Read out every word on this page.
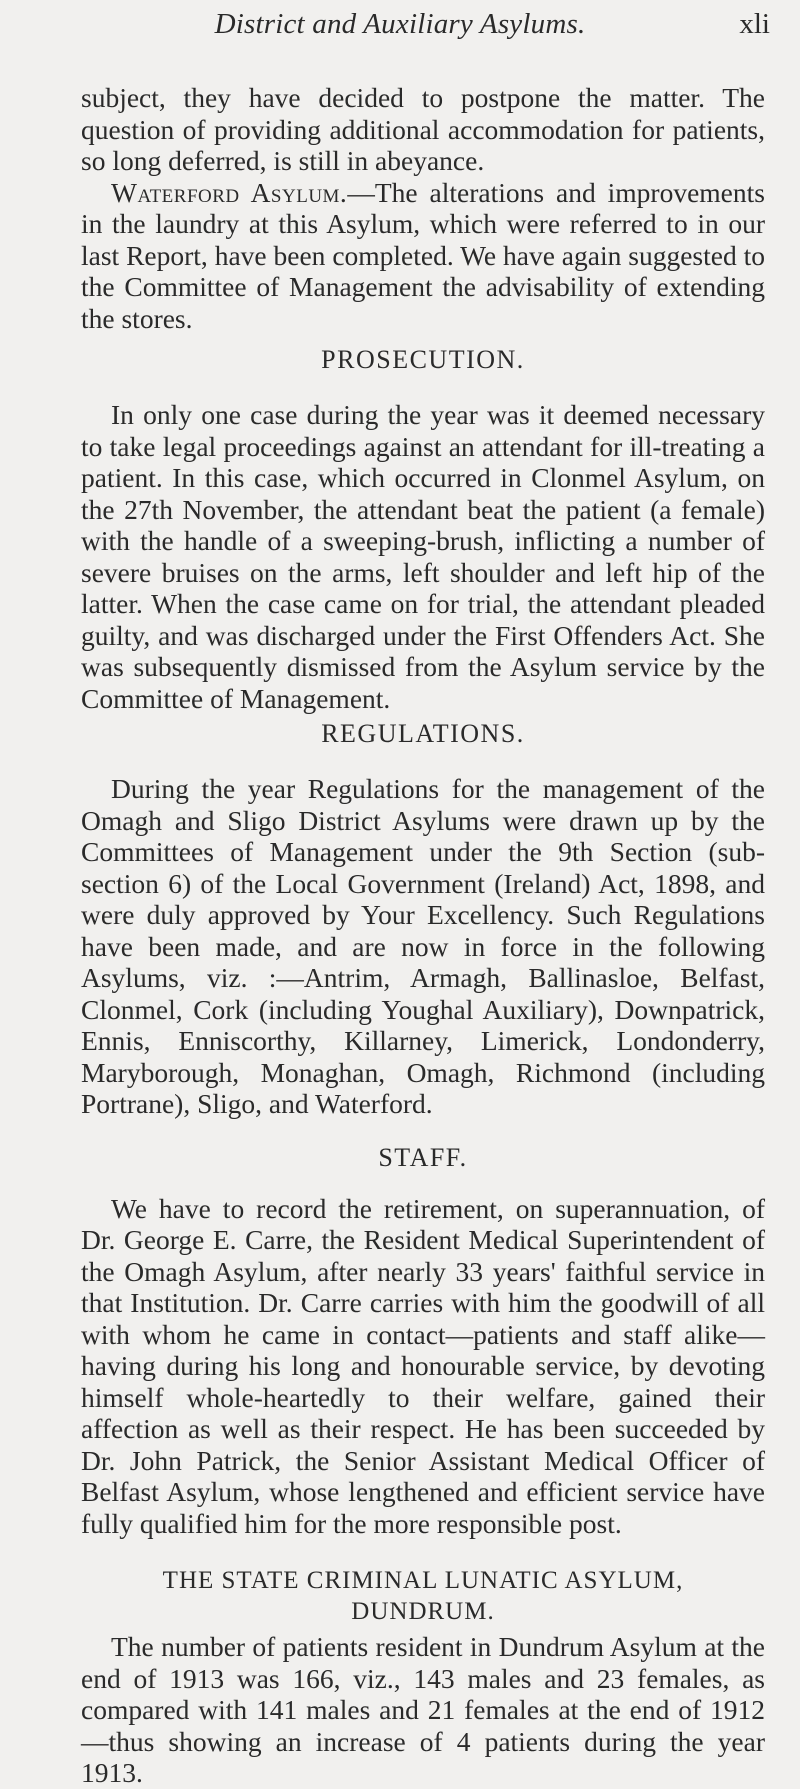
District and Auxiliary Asylums.	xli

subject, they have decided to postpone the matter. The question of providing additional accommodation for patients, so long deferred, is still in abeyance.

Waterford Asylum.—The alterations and improvements in the laundry at this Asylum, which were referred to in our last Report, have been completed. We have again suggested to the Committee of Management the advisability of extending the stores.

PROSECUTION.

In only one case during the year was it deemed necessary to take legal proceedings against an attendant for ill-treating a patient. In this case, which occurred in Clonmel Asylum, on the 27th November, the attendant beat the patient (a female) with the handle of a sweeping-brush, inflicting a number of severe bruises on the arms, left shoulder and left hip of the latter. When the case came on for trial, the attendant pleaded guilty, and was discharged under the First Offenders Act. She was subsequently dismissed from the Asylum service by the Committee of Management.

REGULATIONS.

During the year Regulations for the management of the Omagh and Sligo District Asylums were drawn up by the Committees of Management under the 9th Section (sub-section 6) of the Local Government (Ireland) Act, 1898, and were duly approved by Your Excellency. Such Regulations have been made, and are now in force in the following Asylums, viz. :—Antrim, Armagh, Ballinasloe, Belfast, Clonmel, Cork (including Youghal Auxiliary), Downpatrick, Ennis, Enniscorthy, Killarney, Limerick, Londonderry, Maryborough, Monaghan, Omagh, Richmond (including Portrane), Sligo, and Waterford.

STAFF.

We have to record the retirement, on superannuation, of Dr. George E. Carre, the Resident Medical Superintendent of the Omagh Asylum, after nearly 33 years' faithful service in that Institution. Dr. Carre carries with him the goodwill of all with whom he came in contact—patients and staff alike—having during his long and honourable service, by devoting himself whole-heartedly to their welfare, gained their affection as well as their respect. He has been succeeded by Dr. John Patrick, the Senior Assistant Medical Officer of Belfast Asylum, whose lengthened and efficient service have fully qualified him for the more responsible post.

THE STATE CRIMINAL LUNATIC ASYLUM,
DUNDRUM.

The number of patients resident in Dundrum Asylum at the end of 1913 was 166, viz., 143 males and 23 females, as compared with 141 males and 21 females at the end of 1912—thus showing an increase of 4 patients during the year 1913.
